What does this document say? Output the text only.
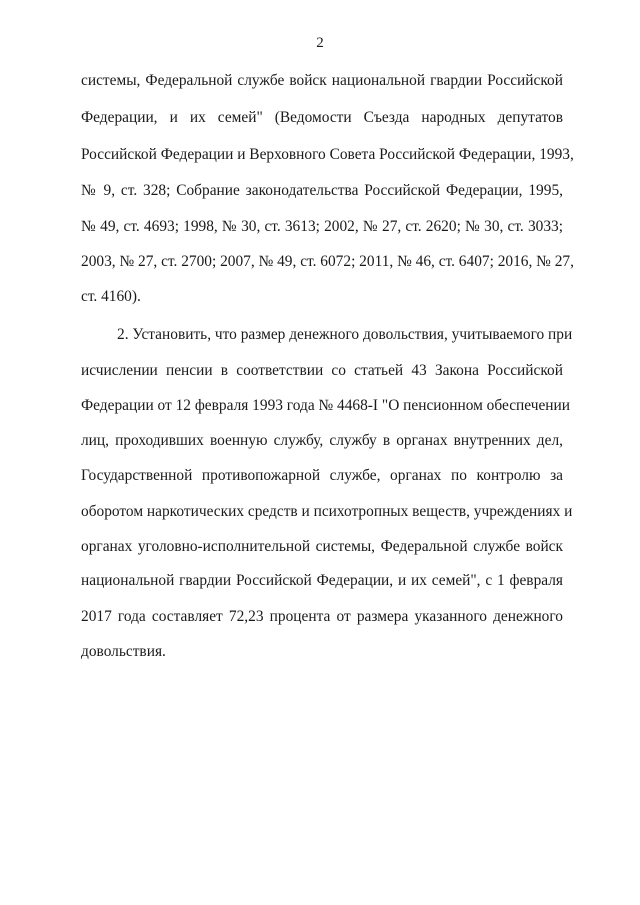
2
системы, Федеральной службе войск национальной гвардии Российской
Федерации, и их семей" (Ведомости Съезда народных депутатов
Российской Федерации и Верховного Совета Российской Федерации, 1993,
№ 9, ст. 328; Собрание законодательства Российской Федерации, 1995,
№ 49, ст. 4693; 1998, № 30, ст. 3613; 2002, № 27, ст. 2620; № 30, ст. 3033;
2003, № 27, ст. 2700; 2007, № 49, ст. 6072; 2011, № 46, ст. 6407; 2016, № 27,
ст. 4160).
2. Установить, что размер денежного довольствия, учитываемого при
исчислении пенсии в соответствии со статьей 43 Закона Российской
Федерации от 12 февраля 1993 года № 4468-I "О пенсионном обеспечении
лиц, проходивших военную службу, службу в органах внутренних дел,
Государственной противопожарной службе, органах по контролю за
оборотом наркотических средств и психотропных веществ, учреждениях и
органах уголовно-исполнительной системы, Федеральной службе войск
национальной гвардии Российской Федерации, и их семей", с 1 февраля
2017 года составляет 72,23 процента от размера указанного денежного
довольствия.
